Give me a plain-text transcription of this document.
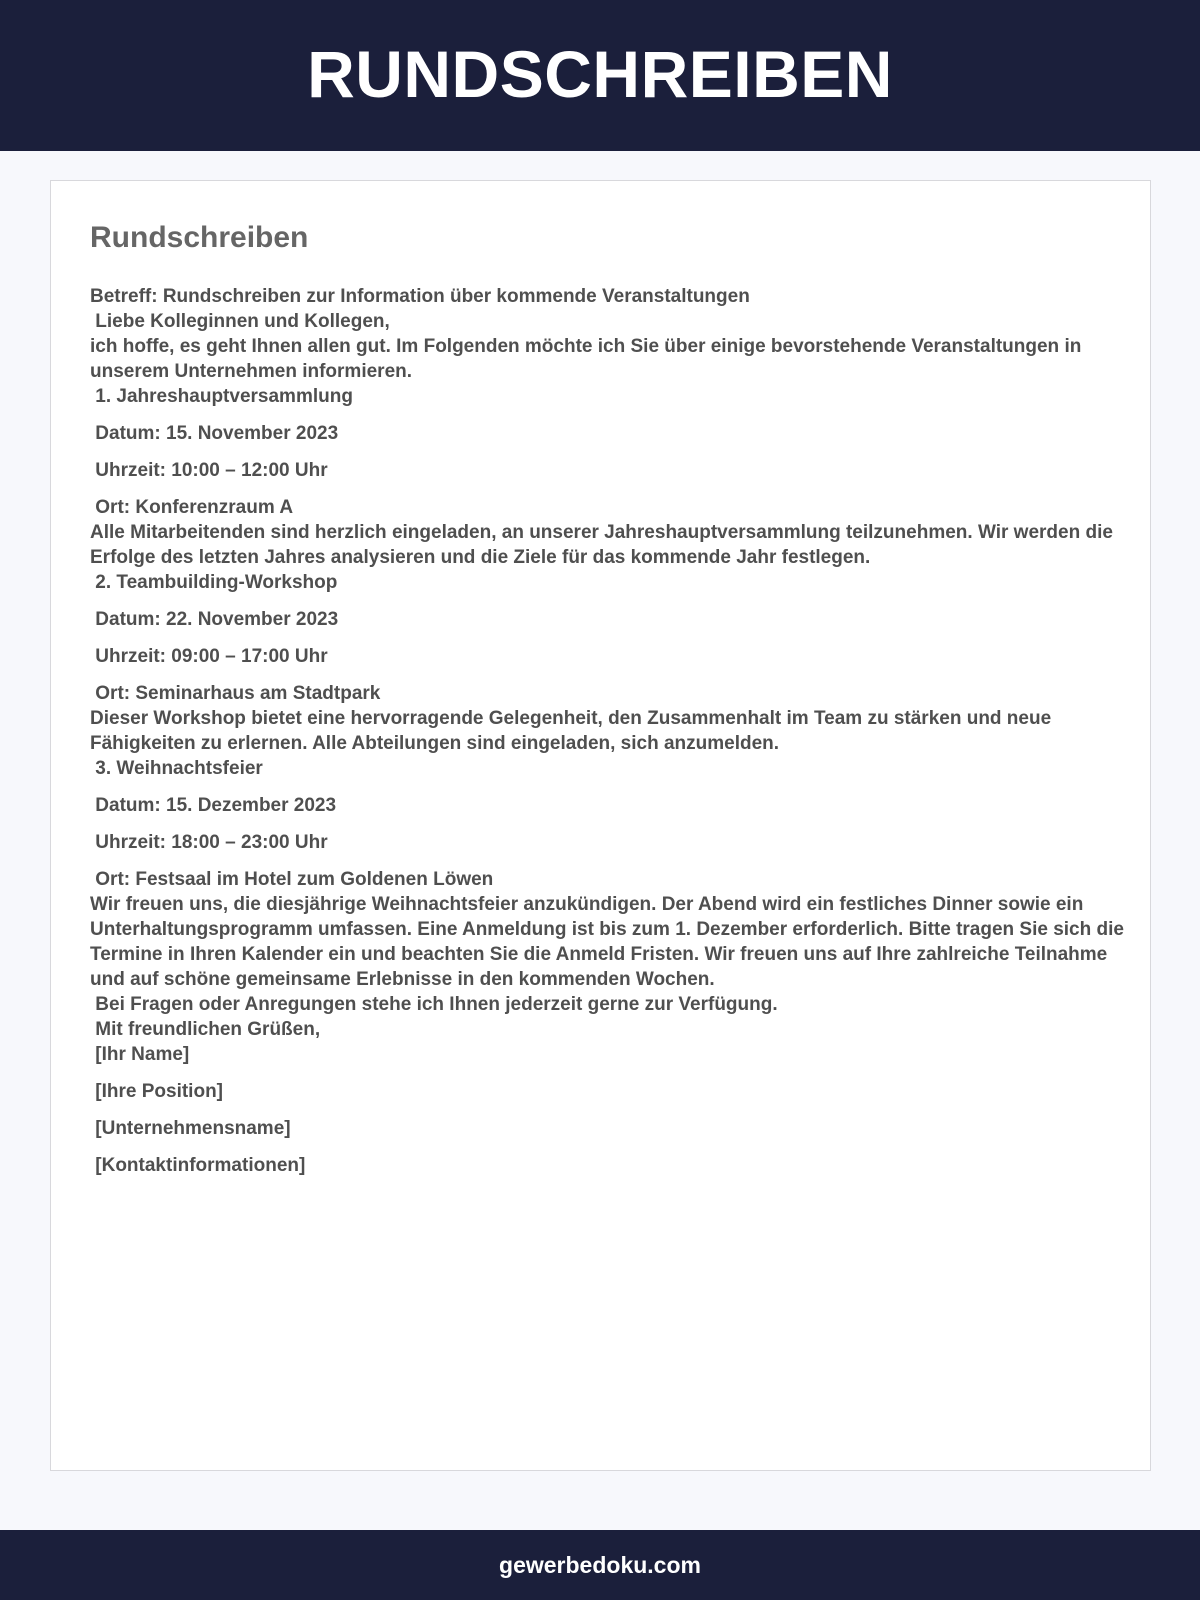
RUNDSCHREIBEN
Rundschreiben
Betreff: Rundschreiben zur Information über kommende Veranstaltungen
Liebe Kolleginnen und Kollegen,
ich hoffe, es geht Ihnen allen gut. Im Folgenden möchte ich Sie über einige bevorstehende Veranstaltungen in unserem Unternehmen informieren.
1. Jahreshauptversammlung
Datum: 15. November 2023
Uhrzeit: 10:00 – 12:00 Uhr
Ort: Konferenzraum A
Alle Mitarbeitenden sind herzlich eingeladen, an unserer Jahreshauptversammlung teilzunehmen. Wir werden die Erfolge des letzten Jahres analysieren und die Ziele für das kommende Jahr festlegen.
2. Teambuilding-Workshop
Datum: 22. November 2023
Uhrzeit: 09:00 – 17:00 Uhr
Ort: Seminarhaus am Stadtpark
Dieser Workshop bietet eine hervorragende Gelegenheit, den Zusammenhalt im Team zu stärken und neue Fähigkeiten zu erlernen. Alle Abteilungen sind eingeladen, sich anzumelden.
3. Weihnachtsfeier
Datum: 15. Dezember 2023
Uhrzeit: 18:00 – 23:00 Uhr
Ort: Festsaal im Hotel zum Goldenen Löwen
Wir freuen uns, die diesjährige Weihnachtsfeier anzukündigen. Der Abend wird ein festliches Dinner sowie ein Unterhaltungsprogramm umfassen. Eine Anmeldung ist bis zum 1. Dezember erforderlich. Bitte tragen Sie sich die Termine in Ihren Kalender ein und beachten Sie die Anmeld Fristen. Wir freuen uns auf Ihre zahlreiche Teilnahme und auf schöne gemeinsame Erlebnisse in den kommenden Wochen.
Bei Fragen oder Anregungen stehe ich Ihnen jederzeit gerne zur Verfügung.
Mit freundlichen Grüßen,
[Ihr Name]
[Ihre Position]
[Unternehmensname]
[Kontaktinformationen]
gewerbedoku.com
